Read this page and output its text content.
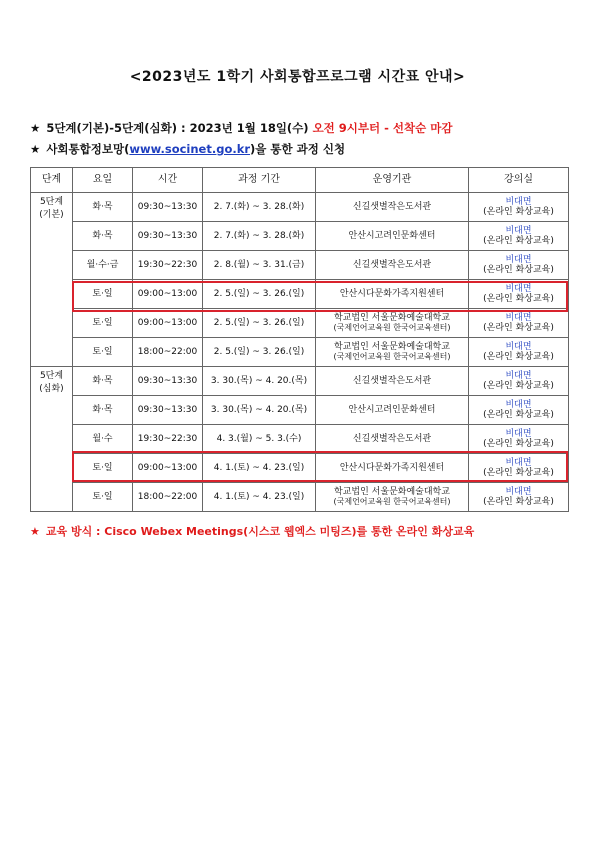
<2023년도 1학기 사회통합프로그램 시간표 안내>
★ 5단계(기본)-5단계(심화) : 2023년 1월 18일(수) 오전 9시부터 - 선착순 마감
★ 사회통합정보망(www.socinet.go.kr)을 통한 과정 신청
단계	요일	시간	과정 기간	운영기관	강의실

5단계
(기본)	화·목	09:30~13:30	2. 7.(화) ~ 3. 28.(화)	신길샛별작은도서관	비대면
(온라인 화상교육)

	화·목	09:30~13:30	2. 7.(화) ~ 3. 28.(화)	안산시고려인문화센터	비대면
(온라인 화상교육)

	월·수·금	19:30~22:30	2. 8.(월) ~ 3. 31.(금)	신길샛별작은도서관	비대면
(온라인 화상교육)

	토·일	09:00~13:00	2. 5.(일) ~ 3. 26.(일)	안산시다문화가족지원센터	비대면
(온라인 화상교육)

	토·일	09:00~13:00	2. 5.(일) ~ 3. 26.(일)	학교법인 서울문화예술대학교
(국제언어교육원 한국어교육센터)	비대면
(온라인 화상교육)

	토·일	18:00~22:00	2. 5.(일) ~ 3. 26.(일)	학교법인 서울문화예술대학교
(국제언어교육원 한국어교육센터)	비대면
(온라인 화상교육)

5단계
(심화)	화·목	09:30~13:30	3. 30.(목) ~ 4. 20.(목)	신길샛별작은도서관	비대면
(온라인 화상교육)

	화·목	09:30~13:30	3. 30.(목) ~ 4. 20.(목)	안산시고려인문화센터	비대면
(온라인 화상교육)

	월·수	19:30~22:30	4. 3.(월) ~ 5. 3.(수)	신길샛별작은도서관	비대면
(온라인 화상교육)

	토·일	09:00~13:00	4. 1.(토) ~ 4. 23.(일)	안산시다문화가족지원센터	비대면
(온라인 화상교육)

	토·일	18:00~22:00	4. 1.(토) ~ 4. 23.(일)	학교법인 서울문화예술대학교
(국제언어교육원 한국어교육센터)	비대면
(온라인 화상교육)
★ 교육 방식 : Cisco Webex Meetings(시스코 웹엑스 미팅즈)를 통한 온라인 화상교육
